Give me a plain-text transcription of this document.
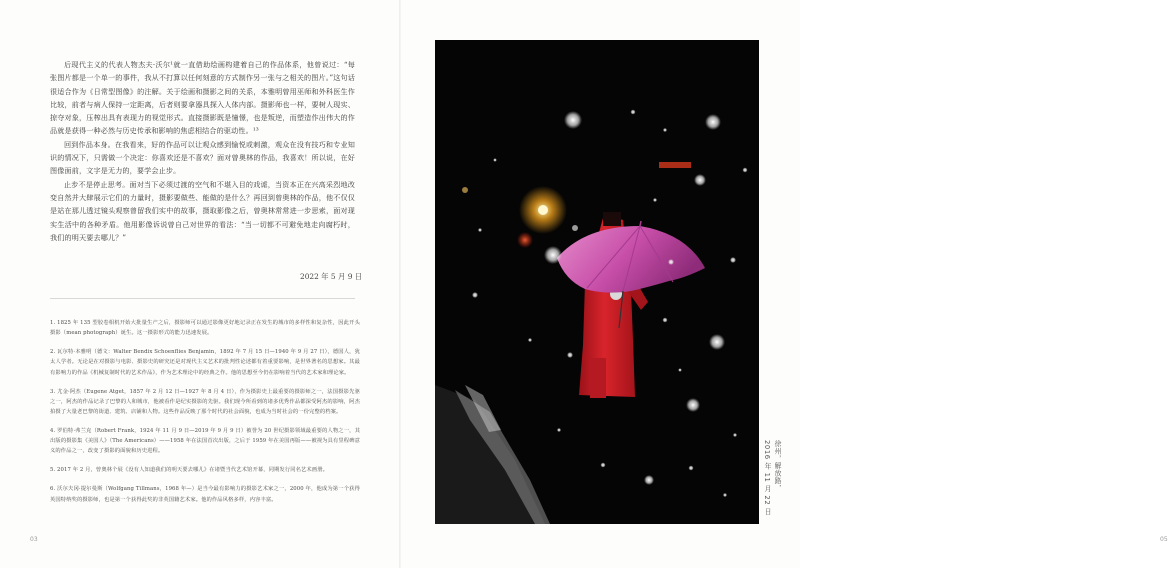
后现代主义的代表人物杰夫·沃尔¹就一直借助绘画构建着自己的作品体系，他曾说过：“每张图片都是一个单一的事件，我从不打算以任何刻意的方式制作另一张与之相关的图片。”这句话很适合作为《日常型图像》的注解。关于绘画和摄影之间的关系，本雅明曾用巫师和外科医生作比较，前者与病人保持一定距离，后者则要拿器具探入人体内部。摄影师也一样，要树人现实、掠夺对象，压榨出具有表现力的视觉形式。直接摄影既是憧憬，也是叛逆，而塑造作出伟大的作品就是获得一种必然与历史传承和影响的焦虑相结合的驱动性。¹³

回到作品本身。在我看来，好的作品可以让观众感到愉悦或刺激，观众在没有技巧和专业知识的情况下，只需做一个决定：你喜欢还是不喜欢？面对曾奥林的作品，我喜欢！所以说，在好图像面前，文字是无力的，要学会止步。

止步不是停止思考。面对当下必须过渡的空气和不堪入目的戏谑，当资本正在兴高采烈地改变自然并大肆展示它们的力量时，摄影要做些、能做的是什么？再回到曾奥林的作品，他不仅仅是站在那儿透过镜头观察曾留我们实中的故事，摄取影像之后，曾奥林常常进一步思索，面对现实生活中的各种矛盾。他用影像诉说曾自己对世界的看法：“当一切都不可避免地走向腐朽时，我们的明天要去哪儿？”

2022 年 5 月 9 日

1. 1825 年 135 型胶卷相机开始大批量生产之后，摄影师可以通过影像更好地记录正在发生的城市的多样性和复杂性，因此开头摄影（mean photograph）诞生。这一摄影形式的能力迅速发展。

2. 瓦尔特·本雅明（德文：Walter Bendix Schoenflies Benjamin，1892 年 7 月 15 日—1940 年 9 月 27 日），德国人，犹太人学者。无论是在对摄影与电影、摄影史的研究还是对现代主义艺术的批判性论述都有着重要影响，是世界著名的思想家。其最有影响力的作品《机械复制时代的艺术作品》，作为艺术理论中的经典之作。他的思想至今仍在影响着当代的艺术家和理论家。

3. 尤金·阿杰（Eugene Atget，1857 年 2 月 12 日—1927 年 8 月 4 日），作为摄影史上最重要的摄影师之一，法国摄影先驱之一，阿杰的作品记录了巴黎的人和城市，他被看作是纪实摄影的先驱。我们现今所看到的诸多优秀作品都深受阿杰的影响，阿杰拍摄了大量老巴黎的街道、建筑、店铺和人物。这些作品反映了那个时代的社会面貌，也成为当时社会的一份完整的档案。

4. 罗伯特·弗兰克（Robert Frank，1924 年 11 月 9 日—2019 年 9 月 9 日）被誉为 20 世纪摄影领域最重要的人物之一，其出版的摄影集《美国人》（The Americans）——1958 年在法国首次出版，之后于 1959 年在美国再版——被视为具有里程碑意义的作品之一，改变了摄影的面貌和历史进程。

5. 2017 年 2 月，曾奥林个展《没有人知道我们的明天要去哪儿》在诸暨当代艺术馆开幕，同期发行同名艺术画册。

6. 沃尔夫冈·提尔曼斯（Wolfgang Tillmans，1968 年—）是当今最有影响力的摄影艺术家之一，2000 年，他成为第一个获得英国特纳奖的摄影师，也是第一个获得此奖的非英国籍艺术家。他的作品风格多样，内容丰富。

03	05
徐州，解放路，
2016 年 11 月 22 日
